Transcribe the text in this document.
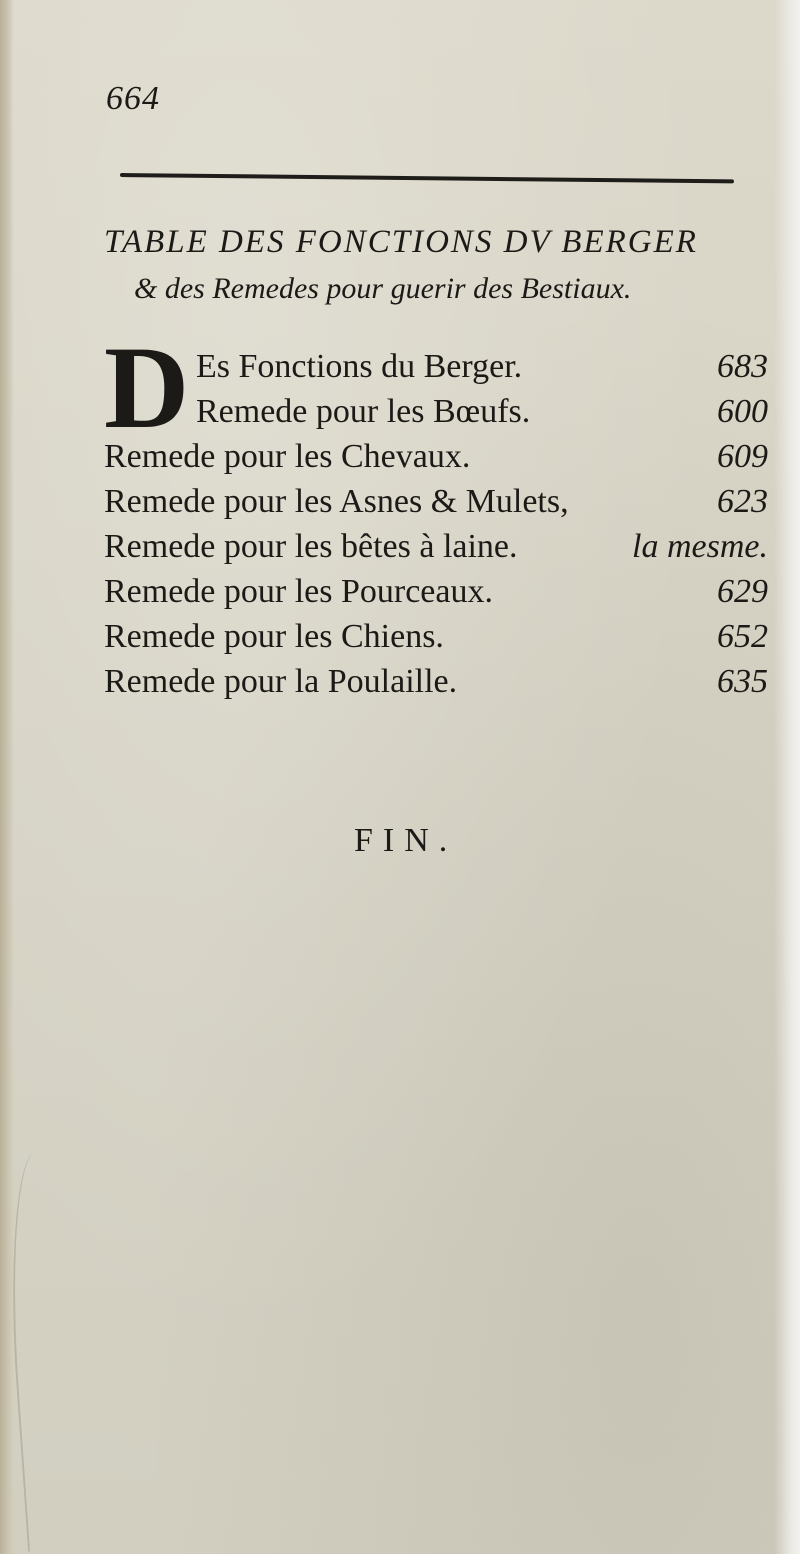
664
TABLE DES FONCTIONS DV BERGER
& des Remedes pour guerir des Bestiaux.
D Es Fonctions du Berger.	683
Remede pour les Bœufs.	600
Remede pour les Chevaux.	609
Remede pour les Asnes & Mulets,	623
Remede pour les bêtes à laine.	la mesme.
Remede pour les Pourceaux.	629
Remede pour les Chiens.	652
Remede pour la Poulaille.	635
FIN.
